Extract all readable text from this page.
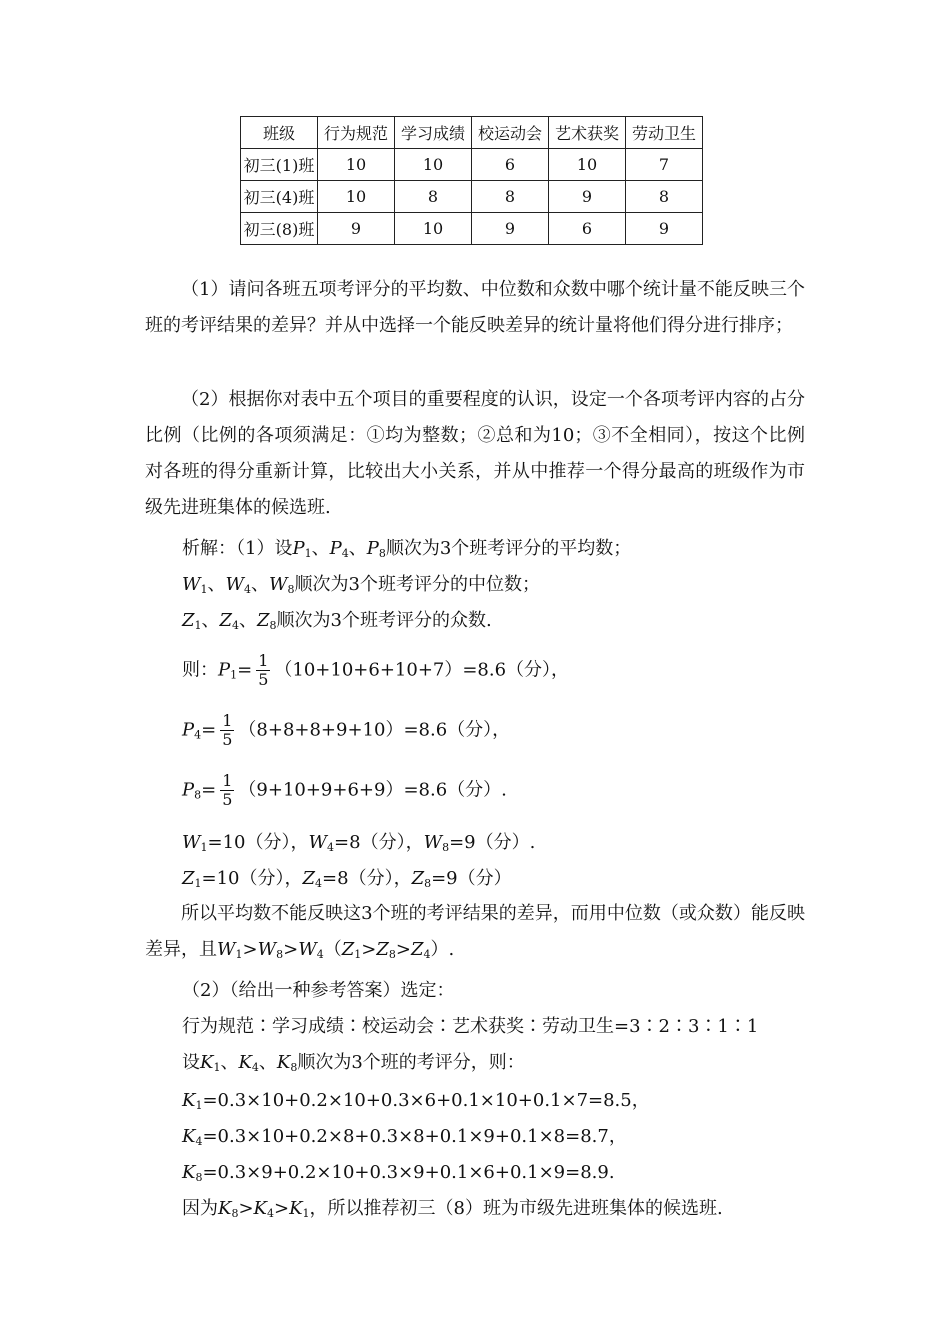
班级	行为规范	学习成绩	校运动会	艺术获奖	劳动卫生
初三(1)班	10	10	6	10	7
初三(4)班	10	8	8	9	8
初三(8)班	9	10	9	6	9
（1）请问各班五项考评分的平均数、中位数和众数中哪个统计量不能反映三个班的考评结果的差异？并从中选择一个能反映差异的统计量将他们得分进行排序；
（2）根据你对表中五个项目的重要程度的认识，设定一个各项考评内容的占分比例（比例的各项须满足：①均为整数；②总和为10；③不全相同），按这个比例对各班的得分重新计算，比较出大小关系，并从中推荐一个得分最高的班级作为市级先进班集体的候选班.
析解：（1）设$P_1$、$P_4$、$P_8$顺次为3个班考评分的平均数；
$W_1$、$W_4$、$W_8$顺次为3个班考评分的中位数；
$Z_1$、$Z_4$、$Z_8$顺次为3个班考评分的众数.
则：$P_1= \frac{1}{5} (10+10+6+10+7)=8.6$（分），
$P_4= \frac{1}{5} (8+8+8+9+10)=8.6$（分），
$P_8= \frac{1}{5} (9+10+9+6+9)=8.6$（分）.
$W_1=10$（分），$W_4=8$（分），$W_8=9$（分）.
$Z_1=10$（分），$Z_4=8$（分），$Z_8=9$（分）
所以平均数不能反映这3个班的考评结果的差异，而用中位数（或众数）能反映差异，且$W_1>W_8>W_4(Z_1>Z_8>Z_4)$.
（2）（给出一种参考答案）选定：
行为规范∶学习成绩∶校运动会∶艺术获奖∶劳动卫生=3∶2∶3∶1∶1
设$K_1$、$K_4$、$K_8$顺次为3个班的考评分，则：
$K_1=0.3\times 10+0.2\times 10+0.3\times 6+0.1\times 10+0.1\times 7=8.5$，
$K_4=0.3\times 10+0.2\times 8+0.3\times 8+0.1\times 9+0.1\times 8=8.7$，
$K_8=0.3\times 9+0.2\times 10+0.3\times 9+0.1\times 6+0.1\times 9=8.9$.
因为$K_8>K_4>K_1$，所以推荐初三（8）班为市级先进班集体的候选班.
